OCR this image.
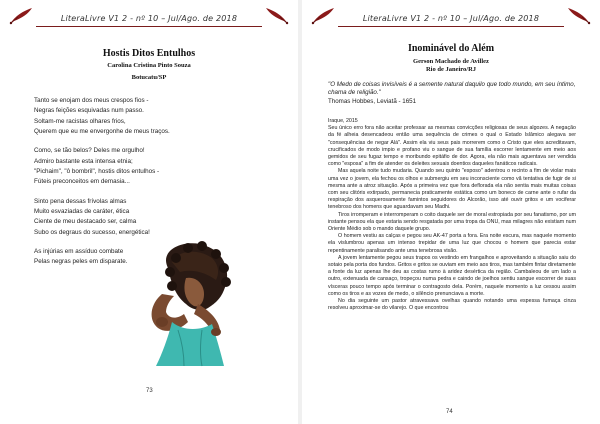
LiteraLivre V1 2 - nº 10 – Jul/Ago. de 2018
Hostis Ditos Entulhos
Carolina Cristina Pinto Souza
Botucatu/SP
Tanto se enojam dos meus crespos fios -
Negras feições esquivadas num passo.
Soltam-me racistas olhares frios,
Querem que eu me envergonhe de meus traços.
Como, se tão belos? Deles me orgulho!
Admiro bastante esta intensa etnia;
"Pichaim", "ô bombril", hostis ditos entulhos -
Fúteis preconceitos em demasia...
Sinto pena dessas frívolas almas
Muito esvaziadas de caráter, ética
Ciente de meu destacado ser, calma
Subo os degraus do sucesso, energética!
As injúrias em assíduo combate
Pelas negras peles em disparate.
73
LiteraLivre V1 2 - nº 10 – Jul/Ago. de 2018
Inominável do Além
Gerson Machado de Avillez
Rio de Janeiro/RJ
"O Medo de coisas invisíveis é a semente natural daquilo que todo mundo, em seu íntimo, chama de religião."
Thomas Hobbes, Leviatã - 1651

Iraque, 2015

Seu único erro fora não aceitar professar as mesmas convicções religiosas de seus algozes. A negação da fé alheia desencadeou então uma sequência de crimes o qual o Estado Islâmico alegava ser "consequências de negar Alá". Assim ela viu seus pais morrerem como o Cristo que eles acreditavam, crucificados de modo impio e profano viu o sangue de sua família escorrer lentamente em meio aos gemidos de seu fugaz tempo e moribundo epitáfio de dor. Agora, ela não mais aguentava ser vendida como "esposa" a fim de atender os deleites sexuais doentios daqueles fanáticos radicais.

Mas aquela noite tudo mudaria. Quando seu quinto "esposo" adentrou o recinto a fim de violar mais uma vez o jovem, ela fechou os olhos e submergiu em seu inconsciente como vã tentativa de fugir de si mesma ante a atroz situação. Após a primeira vez que fora deflorada ela não sentia mais muitas coisas com seu clitóris extirpado, permanecia praticamente estática como um boneco de carne ante o rufar da respiração dos asquerosamente famintos seguidores do Alcorão, isso até ouvir gritos e um vociferar tenebroso dos homens que aguardavam seu Madhi.

Tiros irromperam e interromperam o coito daquele ser de moral estropiada por seu fanatismo, por um instante pensou ela que estaria sendo resgatada por uma tropa da ONU, mas milagres não existiam num Oriente Médio sob o mando daquele grupo.

O homem vestiu as calças e pegou seu AK-47 porta a fora. Era noite escura, mas naquele momento ela vislumbrou apenas um intenso trepidar de uma luz que chocou o homem que parecia estar repentinamente paralisando ante uma tenebrosa visão.

A jovem lentamente pegou seus trapos os vestindo em frangalhos e aproveitando a situação saiu do sotaio pela porta dos fundos. Gritos e gritos se ouviam em meio aos tiros, mas também fintar diretamente a fonte da luz apenas lhe deu as costas rumo à aridez desértica da região. Cambaleou de um lado a outro, extenuada de cansaço, tropeçou numa pedra e caindo de joelhos sentiu sangue escorrer de suas vísceras pouco tempo após terminar o contragosto dela. Porém, naquele momento a luz cessou assim como os tiros e as vozes de medo, o silêncio prenunciava a morte.

No dia seguinte um pastor atravessava ovelhas quando notando uma espessa fumaça cinza resolveu aproximar-se do vilarejo. O que encontrou

74
